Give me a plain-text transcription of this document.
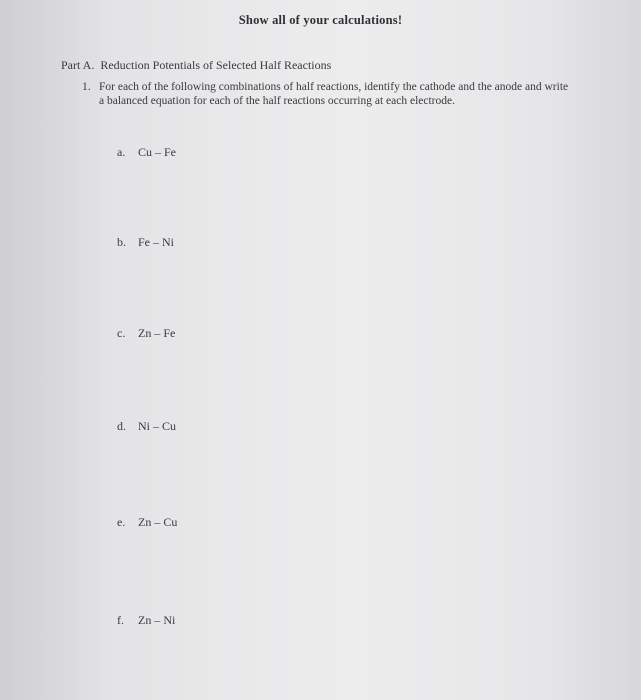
Show all of your calculations!
Part A. Reduction Potentials of Selected Half Reactions
1. For each of the following combinations of half reactions, identify the cathode and the anode and write a balanced equation for each of the half reactions occurring at each electrode.
a. Cu – Fe
b. Fe – Ni
c. Zn – Fe
d. Ni – Cu
e. Zn – Cu
f. Zn – Ni
